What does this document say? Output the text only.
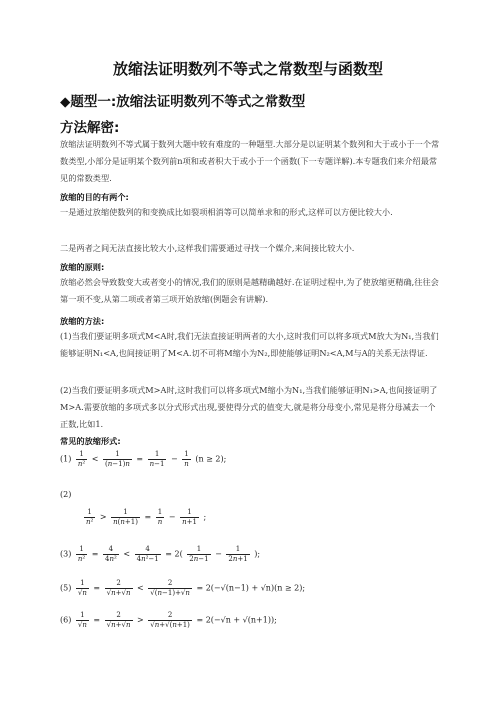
放缩法证明数列不等式之常数型与函数型
◆题型一:放缩法证明数列不等式之常数型
方法解密:
放缩法证明数列不等式属于数列大题中较有难度的一种题型.大部分是以证明某个数列和大于或小于一个常数类型,小部分是证明某个数列前n项和或者积大于或小于一个函数(下一专题详解).本专题我们来介绍最常见的常数类型.
放缩的目的有两个:
一是通过放缩使数列的和变换成比如裂项相消等可以简单求和的形式,这样可以方便比较大小.
二是两者之间无法直接比较大小,这样我们需要通过寻找一个媒介,来间接比较大小.
放缩的原则:
放缩必然会导致数变大或者变小的情况,我们的原则是越精确越好.在证明过程中,为了使放缩更精确,往往会第一项不变,从第二项或者第三项开始放缩(例题会有讲解).
放缩的方法:
(1)当我们要证明多项式M<A时,我们无法直接证明两者的大小,这时我们可以将多项式M放大为N₁,当我们能够证明N₁<A,也间接证明了M<A.切不可将M缩小为N₂,即使能够证明N₂<A,M与A的关系无法得证.
(2)当我们要证明多项式M>A时,这时我们可以将多项式M缩小为N₁,当我们能够证明N₁>A,也间接证明了M>A.需要放缩的多项式多以分式形式出现,要使得分式的值变大,就是将分母变小,常见是将分母减去一个正数,比如1.
常见的放缩形式:
$(1) \frac{1}{\text{n²}} < \frac{1}{(n-1)n} = \frac{1}{n-1} - \frac{1}{n} (n \ge 2)$;
(2)
$\frac{1}{\text{n²}} > \frac{1}{n(n+1)} = \frac{1}{n} - \frac{1}{n+1}$ ;
$(3) \frac{1}{\text{n²}} = \frac{4}{\text{4n²}} < \frac{4}{\text{4n²−1}} = 2( \frac{1}{2n-1} - \frac{1}{2n+1}$ );
$(5) \frac{1}{√n} = \frac{2}{√n+√n} < \frac{2}{√(n-1)+√n} = 2(-√(n-1) + √n)(n \ge 2)$;
$(6) \frac{1}{√n} = \frac{2}{√n+√n} > \frac{2}{√n+√(n+1)} = 2(-√n + √(n+1))$;
